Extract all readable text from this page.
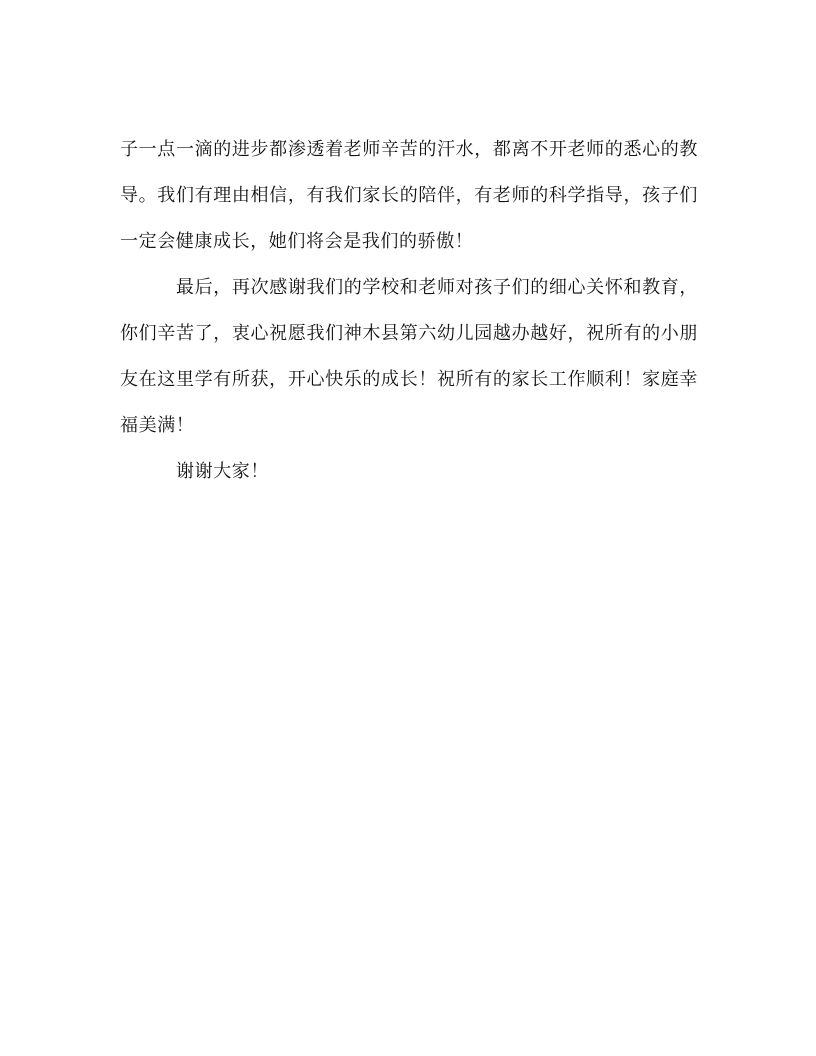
子一点一滴的进步都渗透着老师辛苦的汗水，都离不开老师的悉心的教导。我们有理由相信，有我们家长的陪伴，有老师的科学指导，孩子们一定会健康成长，她们将会是我们的骄傲！

最后，再次感谢我们的学校和老师对孩子们的细心关怀和教育，你们辛苦了，衷心祝愿我们神木县第六幼儿园越办越好，祝所有的小朋友在这里学有所获，开心快乐的成长！祝所有的家长工作顺利！家庭幸福美满！

谢谢大家！
